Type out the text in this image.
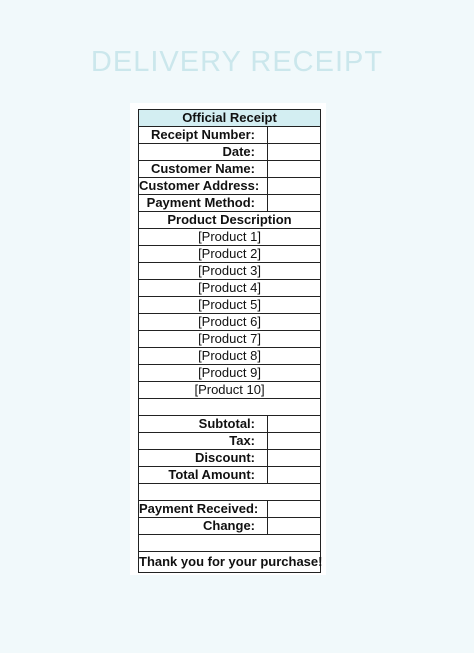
DELIVERY RECEIPT
Official Receipt	
Receipt Number:	
Date:	
Customer Name:	
Customer Address:	
Payment Method:	
Product Description	
[Product 1]	
[Product 2]	
[Product 3]	
[Product 4]	
[Product 5]	
[Product 6]	
[Product 7]	
[Product 8]	
[Product 9]	
[Product 10]	

Subtotal:	
Tax:	
Discount:	
Total Amount:	

Payment Received:	
Change:	

Thank you for your purchase!	
